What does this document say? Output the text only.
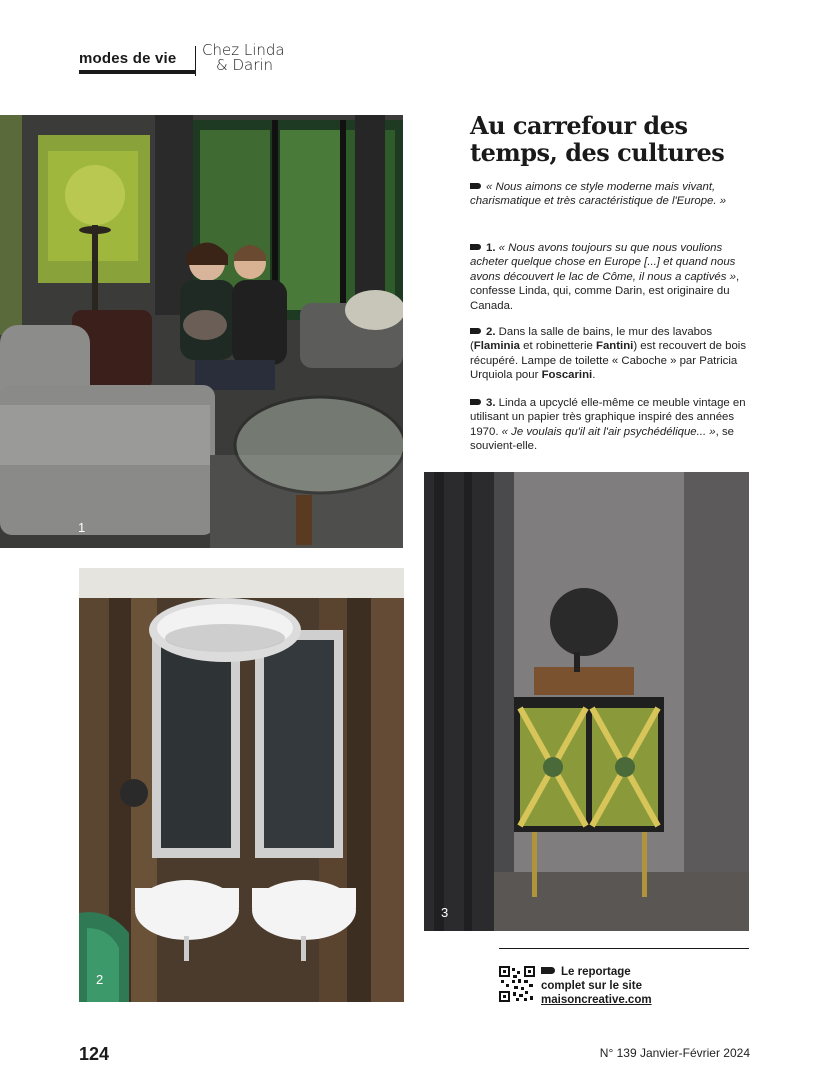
modes de vie Chez Linda
& Darin
1
Au carrefour des
temps, des cultures
« Nous aimons ce style moderne mais vivant, charismatique et très caractéristique de l'Europe. »
1. « Nous avons toujours su que nous voulions acheter quelque chose en Europe [...] et quand nous avons découvert le lac de Côme, il nous a captivés », confesse Linda, qui, comme Darin, est originaire du Canada.
2. Dans la salle de bains, le mur des lavabos (Flaminia et robinetterie Fantini) est recouvert de bois récupéré. Lampe de toilette « Caboche » par Patricia Urquiola pour Foscarini.
3. Linda a upcyclé elle-même ce meuble vintage en utilisant un papier très graphique inspiré des années 1970. « Je voulais qu'il ait l'air psychédélique... », se souvient-elle.
2
3
Le reportage
complet sur le site
maisoncreative.com
124	N° 139 Janvier-Février 2024
